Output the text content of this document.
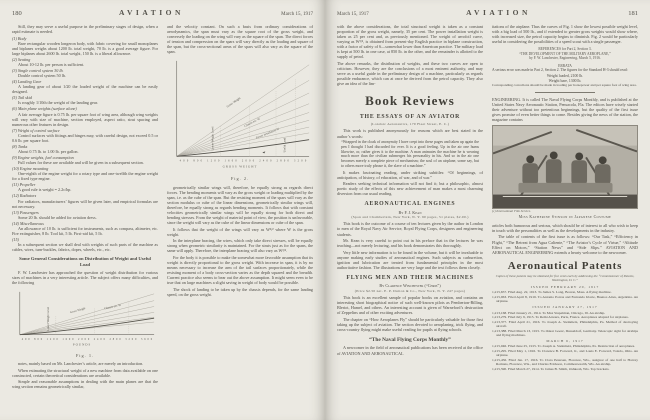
180	AVIATION	March 15, 1917
Still, they may serve a useful purpose in the preliminary stages of design, when a rapid estimate is needed.
(1) Body
Bare rectangular wooden longeron body, with fabric covering for small monoplanes and biplanes weighs about 1200 lb. total weight, 70 lb. is a good average figure. For large biplanes about 2600 lb. total weight, 150 lb. is a liberal allowance.
(2) Seating
About 10-12 lb. per person is sufficient.
(3) Single control system 30 lb.
Double control system 50 lb.
(4) Landing Gear
A landing gear of about 1/20 the loaded weight of the machine can be easily designed.
(5) Tail skid
Is roughly 1/10th the weight of the landing gear.
(6) Main plane weights (surface alone)
A fair average figure is 0.75 lb. per square foot of wing area, although wing weights will vary with size of machine, section employed, aspect ratio, strut spacing and numerous other features in design.
(7) Weight of control surface
Control surfaces with fittings and hinges may, with careful design, not exceed 0.5 or 0.6 lb. per square foot.
(8) Tanks
About 0.75 lb. to 1.00 lb. per gallon.
(9) Engine weights, fuel consumption
Full values for these are available and will be given in a subsequent section.
(10) Engine mounting
One-eighth of the engine weight for a rotary type and one-twelfth the engine weight for a fixed type engine.
(11) Propeller
A good rule is weight = 2.2c/hp.
(12) Radiators
For radiators, manufacturers’ figures will be given later, and empirical formulas are not necessary.
(13) Passengers
Some 20 lb. should be added for aviation dress.
(14) Miscellaneous
An allowance of 10 lb. is sufficient for instruments, such as compass, altimeter, etc. Fire extinguisher, 8 lb. Tool kit, 5 lb. First-aid kit, 5 lb.
(15)
In a subsequent section we shall deal with weights of such parts of the machine as cables, wires, turn-buckles, fabrics, dopes, wheels, etc., etc.
Some General Considerations on Distribution of Weight and Useful Load
F. W. Lanchester has approached the question of weight distribution for various sizes of machines in a very interesting article. The subject offers many difficulties, and the following
Lower Weight Level	Gross Weight	Chassis etc. W
400 800 1200 1600 2000 2400 2800 3200 3600
POUNDS
Fig. 1.
notes, mainly based on Mr. Lanchester’s article, are merely an introduction.
When estimating the structural weight of a new machine from data available on one constructed, certain theoretical considerations are available.
Simple and reasonable assumptions in dealing with the main planes are that the wing section remains geometrically similar,
and the velocity constant. On such a basis from ordinary considerations of aerodynamics, the span must vary as the square root of the gross weight, and conversely the loading on the wing will vary as the square of the span. The direct forces of tension and compression on the spars will vary directly as the loading and square of the span, but the cross-sectional areas of the spars will also vary as the square of the span.
Gross Weight
Chassis etc. W
Power Installation W
Lower Weight Level	Useful Load
400 800 1200 1600 2000 2400 2800 3200
GROSS WEIGHT
Fig. 2.
geometrically similar wings will, therefore, be equally strong as regards direct forces. The bending moments will vary as the gross weight or loading multiplied by the span, i.e. as the cube of the span. But the resisting moment of the spars will vary as the section modulus or cube of the linear dimensions, geometrically similar wings will, therefore, be equally strong as regards bending moments. It follows that with constant velocities geometrically similar wings will be equally strong for both direct and bending stresses. From the weight of material point of view, the position is unfavorable, since the weight will vary as the cube of the linear dimensions or cube of the span.
It follows that the weight of the wings will vary as W³/² where W is the gross weight.
In the interplane bracing, the wires, which only take direct stresses, will be equally strong when geometric similarity is maintained. For the struts just as for the spans, the same will apply. Therefore, the interplane bracing will also vary as W³/².
For the body it is possible to make the somewhat more favorable assumption that its weight is directly proportional to the gross weight. With increase in span, it is by no means necessary to increase the arm of the tail surfaces proportionately, while the resisting moment of a body cross-section varies as the depth squared and the breadth. Current practice also seems to bear out the above assumption. It might seem even to be true that on large machines a slight saving in weight of body would be possible.
The shock of landing to be taken up by the chassis depends, for the same landing speed, on the gross weight.
March 15, 1917	AVIATION	181
with the above considerations, the total structural weight is taken as a constant proportion of the gross weight, namely, 35 per cent. The power installation weight is taken as 25 per cent and, as previously mentioned. The weight of aerofoil curve, varying as W³/², is obtained from present-day English practice in biplane construction, with a factor of safety of 6—somewhat lower than American practice. The military load is kept at 500 lb. in one case, at 850 lb. in the other, and the remainder is allotted to the supply of petrol.
The above remarks, the distribution of weights, and these two curves are open to criticism. However, they are the conclusions of a most eminent authority, and may serve as a useful guide in the preliminary design of a machine, particularly as regards possible endurance, which can at once be derived from the petrol capacity. They also give an idea of the lim-
Book Reviews
THE ESSAYS OF AN AVIATOR
(London: Aeronautics, 170 Fleet Street, E. C.)
This work is published anonymously for reasons which are best stated in the author’s words:
“Wrapped in the cloak of anonymity I have crept into these pages and taken up again the pen I thought I had discarded for ever. It is a good feeling. Up in the air one hums likewise, or, rather gives it to the machine. A man animates the machine he is wearing much more than the civilian submerges his personality in his. And so in the air one becomes merely a complete piece of mechanism; the soul of an airplane, some say, but to others more truly phrase it, the slave of a machine.”
It makes fascinating reading, under striking subtitles: “Of beginnings, of anticipation, of history, of education, of war, and of war.”
Readers seeking technical information will not find it; but a philosophic, almost poetic study of the effects of this new achievement of man makes a most charming diversion from our usual reading.
AERONAUTICAL ENGINES
By F. J. Kean
(Spon and Chamberlain, New York, N. Y. 90 pages, 51 plates, $2.00.)
This book is the outcome of a course of ten lectures given by the author in London to men of the Royal Navy Air Service, Royal Flying Corps, designers and engineering students.
Mr. Kean is very careful to point out in his preface that in the lectures he was teaching—not merely lecturing, and his book demonstrates this thoroughly.
Very little new information is to be found in the volume, but it will be invaluable to anyone making early studies of aeronautical engines. Such subjects as carburetion, ignition and lubrication are treated from fundamental principles in the most authoritative fashion. The illustrations are very large and the text follows them closely.
FLYING MEN AND THEIR MACHINES
By Clarence Winchester (“Chris”)
(Price $2.50 net. E. P. Dutton & Co., New York, N. Y. 247 pages)
This book is an excellent sample of popular books on aviation, and contains an interesting short biographical notice of such well-known pilots as Pemberton-Billing, Bleriot, Hamel, and others. An interesting account is given of Warneford’s destruction of Zeppelins and of other exciting adventures.
The chapter on “How Aeroplanes Fly” should be particularly valuable for those first taking up the subject of aviation. The section devoted to aeroplaning, trick flying, and cross-country flying might make useful reading for pupils at flying schools.
“The Naval Flying Corps Monthly”
A newcomer in the field of aeronautical publications has been received at the office of AVIATION AND AERONAUTICAL
itations of the airplane. Thus the curves of Fig. 1 show the lowest possible weight level, with a big load of 500 lb., and if extended to greater gross weights would show where, with increased size, the petrol capacity begins to diminish. Fig. 2 would be particularly useful in considering the possibilities of a speed scout with a single passenger.
REFERENCES for Part 2, Section 3.
“THE DEVELOPMENT OF THE MILITARY AEROPLANE,”
by F. W. Lanchester, Engineering, March 5, 1916.
ERRATA
A serious error was made in Part 2, Section 2. The figures for the Standard H-3 should read:
Weight loaded, 2100 lb.
Weight bare, 1300 lb.
Corresponding corrections should be made in loading per horsepower and per square foot of wing area.
ENGINEERING. It is called The Naval Flying Corps Monthly, and is published at the United States Navy Aeronautic Station, Pensacola, Fla. The editors have wisely started their adventure without too pretentious beginnings, but the quality of the first issue gives promise of even better things to come. Besides giving the news of the station, the magazine contains
(c) International Film Service.
Miss Katherine Stinson in Japanese Costume
articles both humorous and serious, which should be of interest to all who wish to keep in touch with the personalities as well as the developments in the industry.
The table of contents of the first issue is as follows: “Our Task,” “Efficiency in Flight,” “The Retreat from Agua Caliente,” “The Aviator’s Cycle of Virtue,” “Altitude Effect on Motors,” “Station News” and “Side Slips.” AVIATION AND AERONAUTICAL ENGINEERING extends a hearty welcome to the newcomer.
Aeronautical Patents
Copies of these patents may be obtained for five cents each by addressing the “Commissioner of Patents, Washington, D. C.”
ISSUED FEBRUARY 20, 1917
1,215,657. Filed Aug. 22, 1913. To James S. Long, Boston, Mass. A flying machine.
1,215,963. Filed April 8, 1916. To Antonio Porras and Fernando Iriarte, Buenos Aires, Argentina. An airplane.
ISSUED JANUARY 27, 1917
1,213,168. Filed January 21, 1914. To Max Stupelman, Chicago, Ill. An airship.
1,213,279. Filed July 9, 1915. To Remi Arnoux, Paris, France. Aeroplanes adapted for airplanes.
1,213,377. Filed April 21, 1916. To Joseph A. Steinmetz, Philadelphia, Pa. Method of destroying aircraft.
1,213,388. Filed March 13, 1915. To Oskar Goerz, Dusseldorf, Germany. Telescopic sight for airships and flying machines.
MARCH 6, 1917
1,215,046. Filed June 25, 1915. To Joseph A. Steinmetz, Philadelphia, Pa. Destruction of aeroplanes.
1,215,295. Filed May 1, 1916. To Clarence B. Forward, Jr., and Louis E. Forward, Toledo, Ohio. An airplane.
1,215,456. Filed Jan. 17, 1916. To Clara Petersen, Florence, Wis., assignor of one half to Harvey Romans, Florence, Wis., and Charles Erickson, Commonwealth, Wis. An airship.
1,215,590. Filed March 27, 1914. To James B. Smith, Oshkosh, Wis. Top brackets.
